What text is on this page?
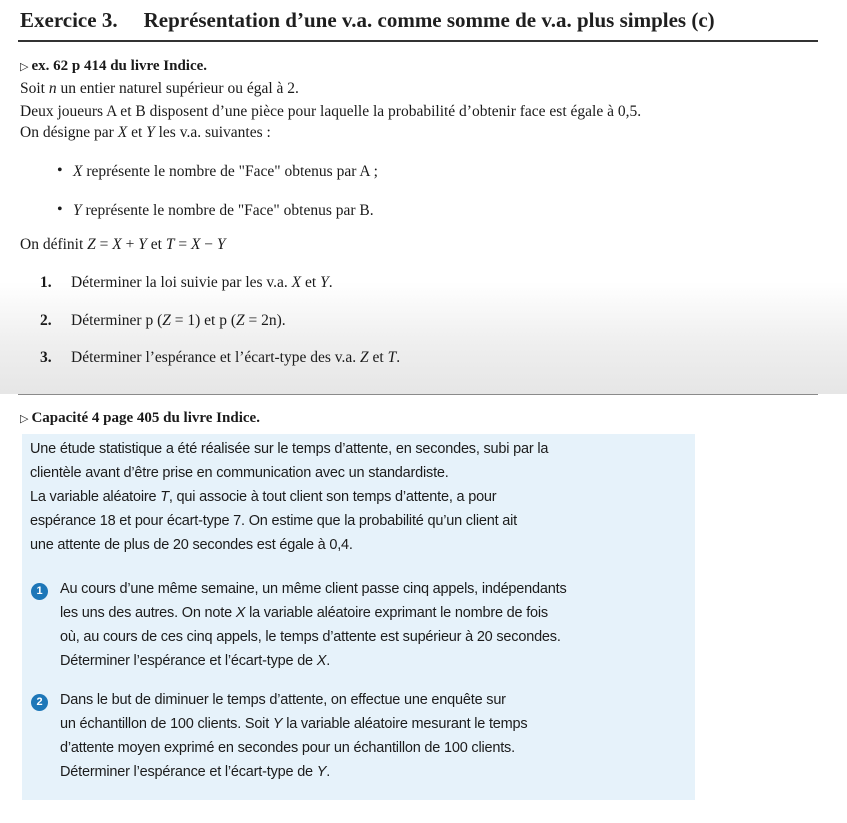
Exercice 3. Représentation d’une v.a. comme somme de v.a. plus simples (c)
▷ ex. 62 p 414 du livre Indice.
Soit n un entier naturel supérieur ou égal à 2.
Deux joueurs A et B disposent d’une pièce pour laquelle la probabilité d’obtenir face est égale à 0,5.
On désigne par X et Y les v.a. suivantes :
• X représente le nombre de "Face" obtenus par A ;
• Y représente le nombre de "Face" obtenus par B.
On définit Z = X + Y et T = X − Y
1. Déterminer la loi suivie par les v.a. X et Y.
2. Déterminer p (Z = 1) et p (Z = 2n).
3. Déterminer l’espérance et l’écart-type des v.a. Z et T.
▷ Capacité 4 page 405 du livre Indice.
Une étude statistique a été réalisée sur le temps d’attente, en secondes, subi par la
clientèle avant d’être prise en communication avec un standardiste.
La variable aléatoire T, qui associe à tout client son temps d’attente, a pour
espérance 18 et pour écart-type 7. On estime que la probabilité qu’un client ait
une attente de plus de 20 secondes est égale à 0,4.
1	Au cours d’une même semaine, un même client passe cinq appels, indépendants
les uns des autres. On note X la variable aléatoire exprimant le nombre de fois
où, au cours de ces cinq appels, le temps d’attente est supérieur à 20 secondes.
Déterminer l’espérance et l’écart-type de X.
2	Dans le but de diminuer le temps d’attente, on effectue une enquête sur
un échantillon de 100 clients. Soit Y la variable aléatoire mesurant le temps
d’attente moyen exprimé en secondes pour un échantillon de 100 clients.
Déterminer l’espérance et l’écart-type de Y.
